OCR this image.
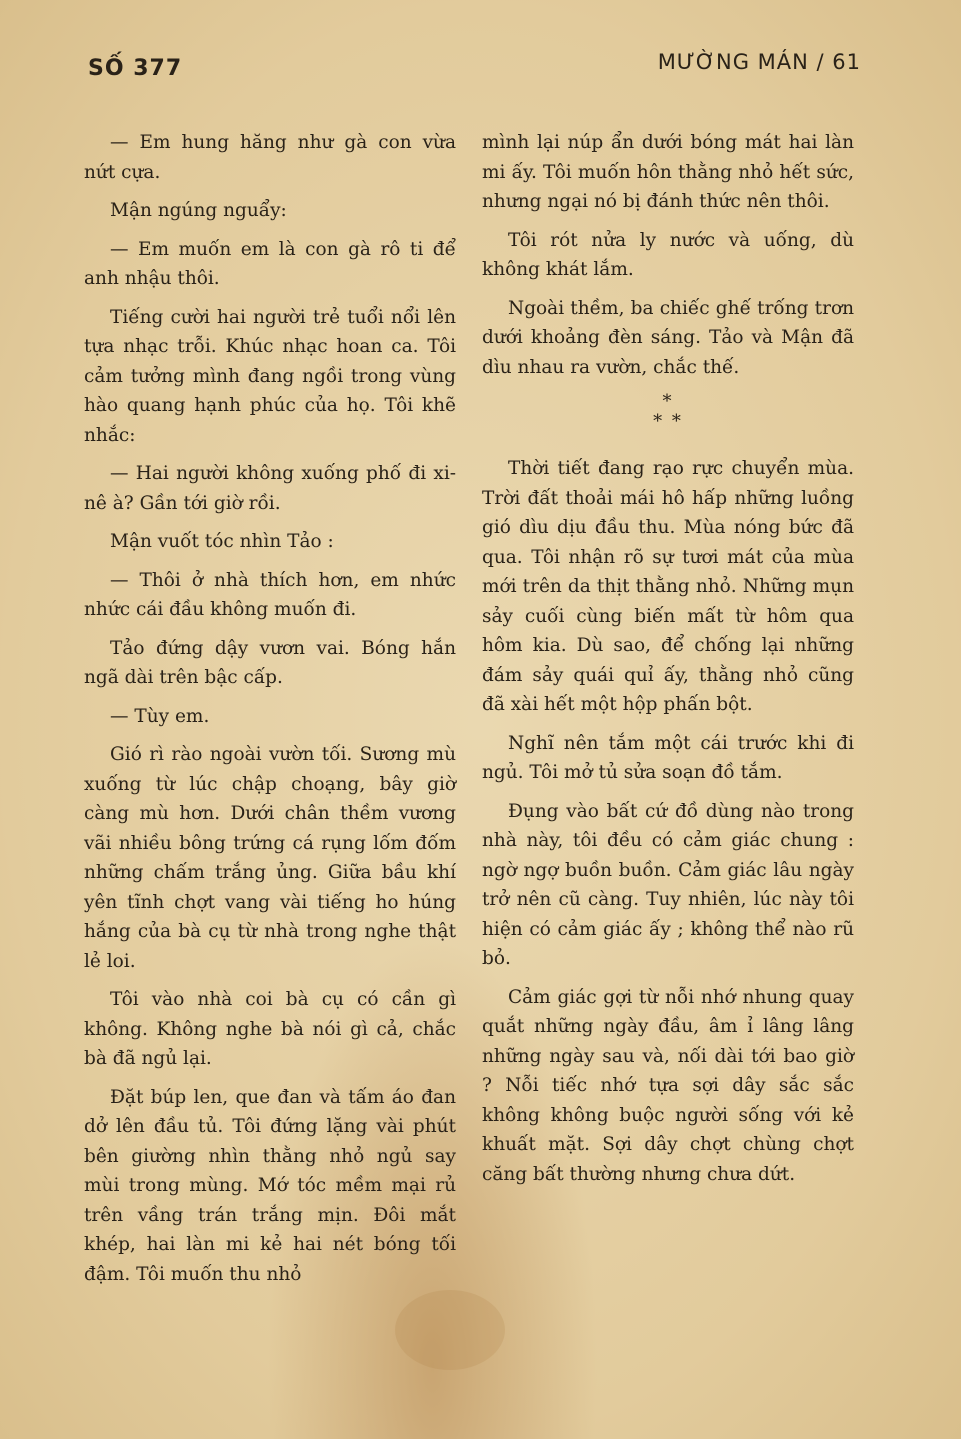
SỐ 377	MƯỜNG MÁN / 61

— Em hung hăng như gà con vừa nứt cựa.

Mận ngúng nguẩy:

— Em muốn em là con gà rô ti để anh nhậu thôi.

Tiếng cười hai người trẻ tuổi nổi lên tựa nhạc trỗi. Khúc nhạc hoan ca. Tôi cảm tưởng mình đang ngồi trong vùng hào quang hạnh phúc của họ. Tôi khẽ nhắc:

— Hai người không xuống phố đi xi-nê à? Gần tới giờ rồi.

Mận vuốt tóc nhìn Tảo :

— Thôi ở nhà thích hơn, em nhức nhức cái đầu không muốn đi.

Tảo đứng dậy vươn vai. Bóng hắn ngã dài trên bậc cấp.

— Tùy em.

Gió rì rào ngoài vườn tối. Sương mù xuống từ lúc chập choạng, bây giờ càng mù hơn. Dưới chân thềm vương vãi nhiều bông trứng cá rụng lốm đốm những chấm trắng ủng. Giữa bầu khí yên tĩnh chợt vang vài tiếng ho húng hắng của bà cụ từ nhà trong nghe thật lẻ loi.

Tôi vào nhà coi bà cụ có cần gì không. Không nghe bà nói gì cả, chắc bà đã ngủ lại.

Đặt búp len, que đan và tấm áo đan dở lên đầu tủ. Tôi đứng lặng vài phút bên giường nhìn thằng nhỏ ngủ say mùi trong mùng. Mớ tóc mềm mại rủ trên vầng trán trắng mịn. Đôi mắt khép, hai làn mi kẻ hai nét bóng tối đậm. Tôi muốn thu nhỏ

mình lại núp ẩn dưới bóng mát hai làn mi ấy. Tôi muốn hôn thằng nhỏ hết sức, nhưng ngại nó bị đánh thức nên thôi.

Tôi rót nửa ly nước và uống, dù không khát lắm.

Ngoài thềm, ba chiếc ghế trống trơn dưới khoảng đèn sáng. Tảo và Mận đã dìu nhau ra vườn, chắc thế.

*
* *

Thời tiết đang rạo rực chuyển mùa. Trời đất thoải mái hô hấp những luồng gió dìu dịu đầu thu. Mùa nóng bức đã qua. Tôi nhận rõ sự tươi mát của mùa mới trên da thịt thằng nhỏ. Những mụn sảy cuối cùng biến mất từ hôm qua hôm kia. Dù sao, để chống lại những đám sảy quái quỉ ấy, thằng nhỏ cũng đã xài hết một hộp phấn bột.

Nghĩ nên tắm một cái trước khi đi ngủ. Tôi mở tủ sửa soạn đồ tắm.

Đụng vào bất cứ đồ dùng nào trong nhà này, tôi đều có cảm giác chung : ngờ ngợ buồn buồn. Cảm giác lâu ngày trở nên cũ càng. Tuy nhiên, lúc này tôi hiện có cảm giác ấy ; không thể nào rũ bỏ.

Cảm giác gợi từ nỗi nhớ nhung quay quắt những ngày đầu, âm ỉ lâng lâng những ngày sau và, nối dài tới bao giờ ? Nỗi tiếc nhớ tựa sợi dây sắc sắc không không buộc người sống với kẻ khuất mặt. Sợi dây chợt chùng chợt căng bất thường nhưng chưa dứt.
